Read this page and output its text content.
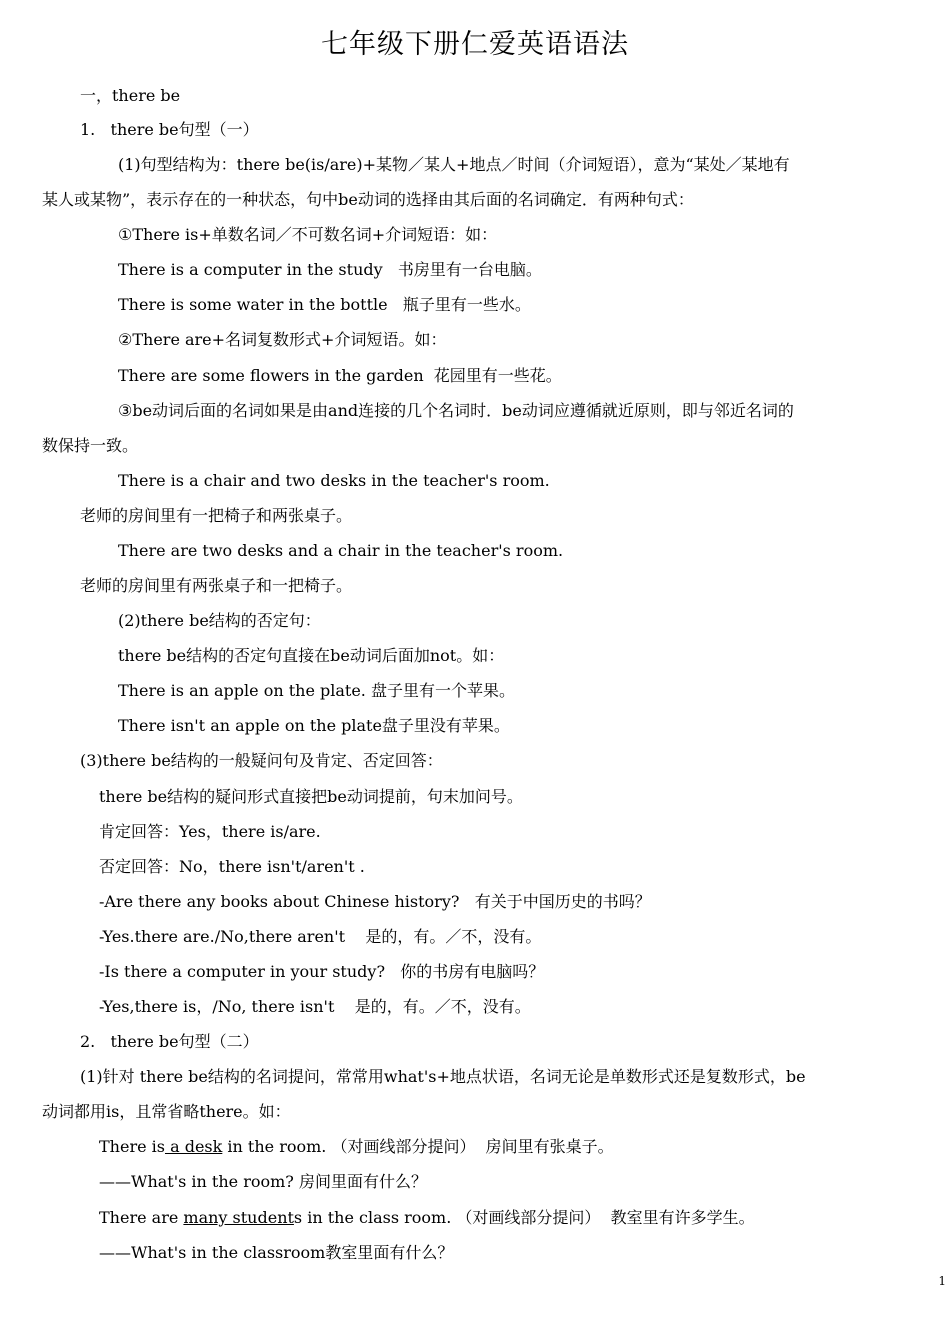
七年级下册仁爱英语语法
一，there be
1.   there be句型（一）
(1)句型结构为：there be(is/are)+某物／某人+地点／时间（介词短语），意为“某处／某地有
某人或某物”，表示存在的一种状态，句中be动词的选择由其后面的名词确定．有两种句式：
①There is+单数名词／不可数名词+介词短语：如：
There is a computer in the study   书房里有一台电脑。
There is some water in the bottle   瓶子里有一些水。
②There are+名词复数形式+介词短语。如：
There are some flowers in the garden  花园里有一些花。
③be动词后面的名词如果是由and连接的几个名词时．be动词应遵循就近原则，即与邻近名词的
数保持一致。
There is a chair and two desks in the teacher's room.
老师的房间里有一把椅子和两张桌子。
There are two desks and a chair in the teacher's room.
老师的房间里有两张桌子和一把椅子。
(2)there be结构的否定句：
there be结构的否定句直接在be动词后面加not。如：
There is an apple on the plate. 盘子里有一个苹果。
There isn't an apple on the plate盘子里没有苹果。
(3)there be结构的一般疑问句及肯定、否定回答：
there be结构的疑问形式直接把be动词提前，句末加问号。
肯定回答：Yes，there is/are.
否定回答：No，there isn't/aren't .
-Are there any books about Chinese history?   有关于中国历史的书吗？
-Yes.there are./No,there aren't    是的，有。／不，没有。
-Is there a computer in your study?   你的书房有电脑吗？
-Yes,there is，/No, there isn't    是的，有。／不，没有。
2.   there be句型（二）
(1)针对 there be结构的名词提问，常常用what's+地点状语，名词无论是单数形式还是复数形式，be
动词都用is，且常省略there。如：
There is a desk in the room. （对画线部分提问）  房间里有张桌子。
——What's in the room? 房间里面有什么？
There are many students in the class room. （对画线部分提问）  教室里有许多学生。
——What's in the classroom教室里面有什么？
1
